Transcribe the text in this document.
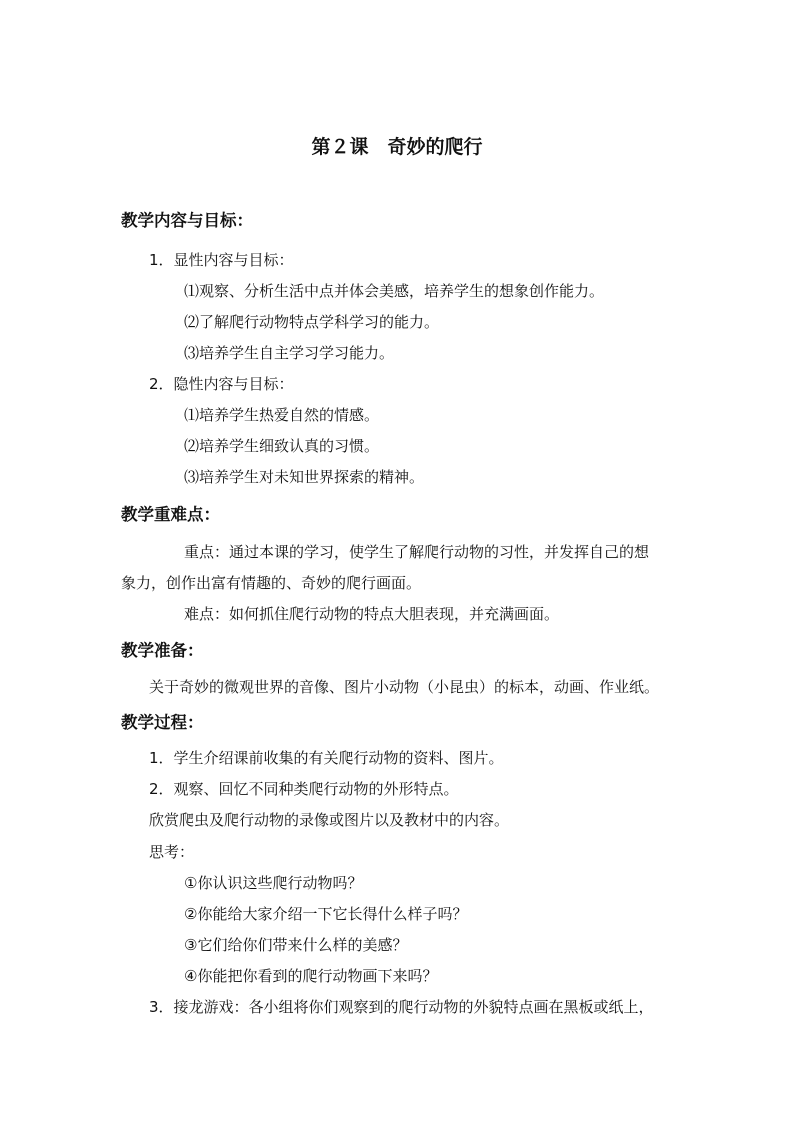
第２课　奇妙的爬行
教学内容与目标：
1．显性内容与目标：
⑴观察、分析生活中点并体会美感，培养学生的想象创作能力。
⑵了解爬行动物特点学科学习的能力。
⑶培养学生自主学习学习能力。
2．隐性内容与目标：
⑴培养学生热爱自然的情感。
⑵培养学生细致认真的习惯。
⑶培养学生对未知世界探索的精神。
教学重难点：
重点：通过本课的学习，使学生了解爬行动物的习性，并发挥自己的想
象力，创作出富有情趣的、奇妙的爬行画面。
难点：如何抓住爬行动物的特点大胆表现，并充满画面。
教学准备：
关于奇妙的微观世界的音像、图片小动物（小昆虫）的标本，动画、作业纸。
教学过程：
1．学生介绍课前收集的有关爬行动物的资料、图片。
2．观察、回忆不同种类爬行动物的外形特点。
欣赏爬虫及爬行动物的录像或图片以及教材中的内容。
思考：
①你认识这些爬行动物吗？
②你能给大家介绍一下它长得什么样子吗？
③它们给你们带来什么样的美感？
④你能把你看到的爬行动物画下来吗？
3．接龙游戏：各小组将你们观察到的爬行动物的外貌特点画在黑板或纸上，
